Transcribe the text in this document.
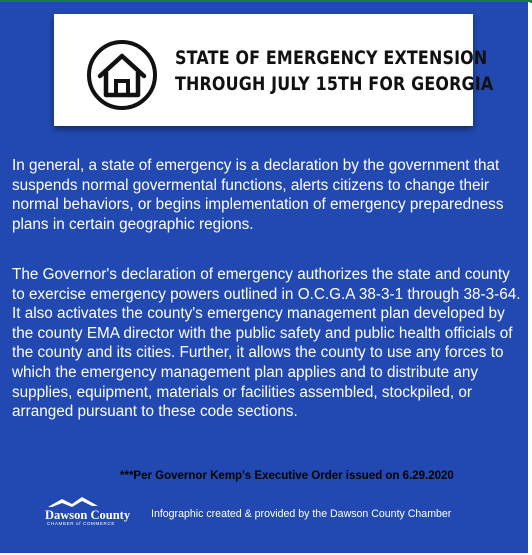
STATE OF EMERGENCY EXTENSION
THROUGH JULY 15TH FOR GEORGIA
In general, a state of emergency is a declaration by the government that suspends normal govermental functions, alerts citizens to change their normal behaviors, or begins implementation of emergency preparedness plans in certain geographic regions.
The Governor's declaration of emergency authorizes the state and county to exercise emergency powers outlined in O.C.G.A 38-3-1 through 38-3-64. It also activates the county's emergency management plan developed by the county EMA director with the public safety and public health officials of the county and its cities. Further, it allows the county to use any forces to which the emergency management plan applies and to distribute any supplies, equipment, materials or facilities assembled, stockpiled, or arranged pursuant to these code sections.
***Per Governor Kemp's Executive Order issued on 6.29.2020
Dawson County
CHAMBER of COMMERCE
Infographic created & provided by the Dawson County Chamber
